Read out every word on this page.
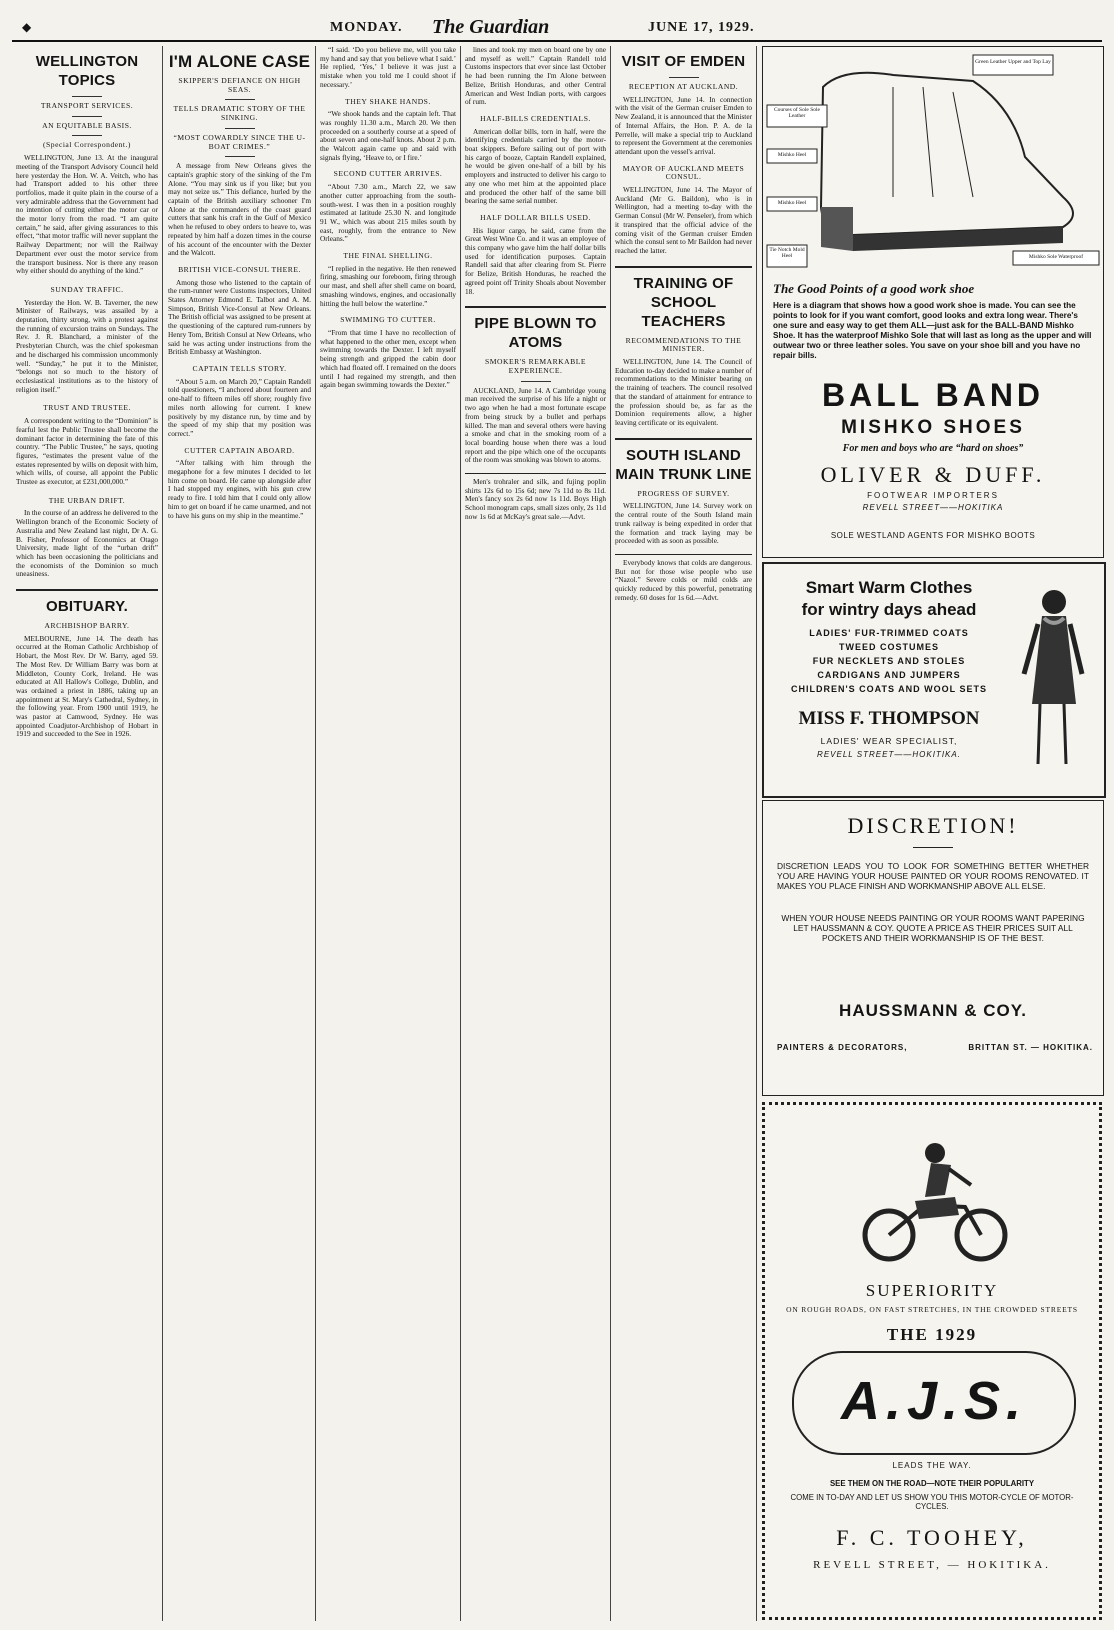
◆	MONDAY. The Guardian	JUNE 17, 1929.
WELLINGTON TOPICS
TRANSPORT SERVICES.
AN EQUITABLE BASIS.
(Special Correspondent.)

WELLINGTON, June 13. At the inaugural meeting of the Transport Advisory Council held here yesterday the Hon. W. A. Veitch, who has had Transport added to his other three portfolios, made it quite plain in the course of a very admirable address that the Government had no intention of cutting either the motor car or the motor lorry from the road. “I am quite certain,” he said, after giving assurances to this effect, “that motor traffic will never supplant the Railway Department; nor will the Railway Department ever oust the motor service from the transport business. Nor is there any reason why either should do anything of the kind.”

SUNDAY TRAFFIC.

Yesterday the Hon. W. B. Taverner, the new Minister of Railways, was assailed by a deputation, thirty strong, with a protest against the running of excursion trains on Sundays. The Rev. J. R. Blanchard, a minister of the Presbyterian Church, was the chief spokesman and he discharged his commission uncommonly well. “Sunday,” he put it to the Minister, “belongs not so much to the history of ecclesiastical institutions as to the history of religion itself.”

TRUST AND TRUSTEE.

A correspondent writing to the “Dominion” is fearful lest the Public Trustee shall become the dominant factor in determining the fate of this country. “The Public Trustee,” he says, quoting figures, “estimates the present value of the estates represented by wills on deposit with him, which wills, of course, all appoint the Public Trustee as executor, at £231,000,000.”

THE URBAN DRIFT.

In the course of an address he delivered to the Wellington branch of the Economic Society of Australia and New Zealand last night, Dr A. G. B. Fisher, Professor of Economics at Otago University, made light of the “urban drift” which has been occasioning the politicians and the economists of the Dominion so much uneasiness.

OBITUARY.
ARCHBISHOP BARRY.

MELBOURNE, June 14. The death has occurred at the Roman Catholic Archbishop of Hobart, the Most Rev. Dr W. Barry, aged 59. The Most Rev. Dr William Barry was born at Middleton, County Cork, Ireland. He was educated at All Hallow's College, Dublin, and was ordained a priest in 1886, taking up an appointment at St. Mary's Cathedral, Sydney, in the following year. From 1900 until 1919, he was pastor at Camwood, Sydney. He was appointed Coadjutor-Archbishop of Hobart in 1919 and succeeded to the See in 1926.

I'M ALONE CASE
SKIPPER'S DEFIANCE ON HIGH SEAS.
TELLS DRAMATIC STORY OF THE SINKING.
“MOST COWARDLY SINCE THE U-BOAT CRIMES.”

A message from New Orleans gives the captain's graphic story of the sinking of the I'm Alone. “You may sink us if you like; but you may not seize us.” This defiance, hurled by the captain of the British auxiliary schooner I'm Alone at the commanders of the coast guard cutters that sank his craft in the Gulf of Mexico when he refused to obey orders to heave to, was repeated by him half a dozen times in the course of his account of the encounter with the Dexter and the Walcott.

BRITISH VICE-CONSUL THERE.

Among those who listened to the captain of the rum-runner were Customs inspectors, United States Attorney Edmond E. Talbot and A. M. Simpson, British Vice-Consul at New Orleans. The British official was assigned to be present at the questioning of the captured rum-runners by Henry Tom, British Consul at New Orleans, who said he was acting under instructions from the British Embassy at Washington.

CAPTAIN TELLS STORY.

“About 5 a.m. on March 20,” Captain Randell told questioners, “I anchored about fourteen and one-half to fifteen miles off shore; roughly five miles north allowing for current. I knew positively by my distance run, by time and by the speed of my ship that my position was correct.”

CUTTER CAPTAIN ABOARD.

“After talking with him through the megaphone for a few minutes I decided to let him come on board. He came up alongside after I had stopped my engines, with his gun crew ready to fire. I told him that I could only allow him to get on board if he came unarmed, and not to have his guns on my ship in the meantime.”

“I said. ‘Do you believe me, will you take my hand and say that you believe what I said.’ He replied, ‘Yes,’ I believe it was just a mistake when you told me I could shoot if necessary.’

THEY SHAKE HANDS.

“We shook hands and the captain left. That was roughly 11.30 a.m., March 20. We then proceeded on a southerly course at a speed of about seven and one-half knots. About 2 p.m. the Walcott again came up and said with signals flying, ‘Heave to, or I fire.’

SECOND CUTTER ARRIVES.

“About 7.30 a.m., March 22, we saw another cutter approaching from the south-south-west. I was then in a position roughly estimated at latitude 25.30 N. and longitude 91 W., which was about 215 miles south by east, roughly, from the entrance to New Orleans.”

THE FINAL SHELLING.

“I replied in the negative. He then renewed firing, smashing our foreboom, firing through our mast, and shell after shell came on board, smashing windows, engines, and occasionally hitting the hull below the waterline.”

SWIMMING TO CUTTER.

“From that time I have no recollection of what happened to the other men, except when swimming towards the Dexter. I left myself being strength and gripped the cabin door which had floated off. I remained on the doors until I had regained my strength, and then again began swimming towards the Dexter.”

lines and took my men on board one by one and myself as well.” Captain Randell told Customs inspectors that ever since last October he had been running the I'm Alone between Belize, British Honduras, and other Central American and West Indian ports, with cargoes of rum.

HALF-BILLS CREDENTIALS.

American dollar bills, torn in half, were the identifying credentials carried by the motor-boat skippers. Before sailing out of port with his cargo of booze, Captain Randell explained, he would be given one-half of a bill by his employers and instructed to deliver his cargo to any one who met him at the appointed place and produced the other half of the same bill bearing the same serial number.

HALF DOLLAR BILLS USED.

His liquor cargo, he said, came from the Great West Wine Co. and it was an employee of this company who gave him the half dollar bills used for identification purposes. Captain Randell said that after clearing from St. Pierre for Belize, British Honduras, he reached the agreed point off Trinity Shoals about November 18.

PIPE BLOWN TO ATOMS
SMOKER'S REMARKABLE EXPERIENCE.

AUCKLAND, June 14. A Cambridge young man received the surprise of his life a night or two ago when he had a most fortunate escape from being struck by a bullet and perhaps killed. The man and several others were having a smoke and chat in the smoking room of a local boarding house when there was a loud report and the pipe which one of the occupants of the room was smoking was blown to atoms.

Men's trohraler and silk, and fujing poplin shirts 12s 6d to 15s 6d; new 7s 11d to 8s 11d. Men's fancy sox 2s 6d now 1s 11d. Boys High School monogram caps, small sizes only, 2s 11d now 1s 6d at McKay's great sale.—Advt.

VISIT OF EMDEN
RECEPTION AT AUCKLAND.

WELLINGTON, June 14. In connection with the visit of the German cruiser Emden to New Zealand, it is announced that the Minister of Internal Affairs, the Hon. P. A. de la Perrelle, will make a special trip to Auckland to represent the Government at the ceremonies attendant upon the vessel's arrival.

MAYOR OF AUCKLAND MEETS CONSUL.

WELLINGTON, June 14. The Mayor of Auckland (Mr G. Baildon), who is in Wellington, had a meeting to-day with the German Consul (Mr W. Penseler), from which it transpired that the official advice of the coming visit of the German cruiser Emden which the consul sent to Mr Baildon had never reached the latter.

TRAINING OF SCHOOL TEACHERS
RECOMMENDATIONS TO THE MINISTER.

WELLINGTON, June 14. The Council of Education to-day decided to make a number of recommendations to the Minister bearing on the training of teachers. The council resolved that the standard of attainment for entrance to the profession should be, as far as the Dominion requirements allow, a higher leaving certificate or its equivalent.

SOUTH ISLAND MAIN TRUNK LINE
PROGRESS OF SURVEY.

WELLINGTON, June 14. Survey work on the central route of the South Island main trunk railway is being expedited in order that the formation and track laying may be proceeded with as soon as possible.

Everybody knows that colds are dangerous. But not for those wise people who use “Nazol.” Severe colds or mild colds are quickly reduced by this powerful, penetrating remedy. 60 doses for 1s 6d.—Advt.

Green Leather Upper and Top Lay
Courses of Sole Sole Leather
Mishko Heel
Mishko Heel
Mishko Sole Waterproof
Tie Notch Mold Heel
The Good Points of a good work shoe
Here is a diagram that shows how a good work shoe is made. You can see the points to look for if you want comfort, good looks and extra long wear. There's one sure and easy way to get them ALL—just ask for the BALL-BAND Mishko Shoe. It has the waterproof Mishko Sole that will last as long as the upper and will outwear two or three leather soles. You save on your shoe bill and you have no repair bills.
BALL BAND
MISHKO SHOES
For men and boys who are “hard on shoes”
OLIVER & DUFF.
FOOTWEAR IMPORTERS
REVELL STREET——HOKITIKA
SOLE WESTLAND AGENTS FOR MISHKO BOOTS
Smart Warm Clothes
for wintry days ahead
LADIES' FUR-TRIMMED COATS
TWEED COSTUMES
FUR NECKLETS AND STOLES
CARDIGANS AND JUMPERS
CHILDREN'S COATS AND WOOL SETS
MISS F. THOMPSON
LADIES' WEAR SPECIALIST,
REVELL STREET——HOKITIKA.
DISCRETION!
DISCRETION LEADS YOU TO LOOK FOR SOMETHING BETTER WHETHER YOU ARE HAVING YOUR HOUSE PAINTED OR YOUR ROOMS RENOVATED. IT MAKES YOU PLACE FINISH AND WORKMANSHIP ABOVE ALL ELSE.
WHEN YOUR HOUSE NEEDS PAINTING OR YOUR ROOMS WANT PAPERING LET HAUSSMANN & COY. QUOTE A PRICE AS THEIR PRICES SUIT ALL POCKETS AND THEIR WORKMANSHIP IS OF THE BEST.
HAUSSMANN & COY.
PAINTERS & DECORATORS,	BRITTAN ST. — HOKITIKA.
SUPERIORITY
ON ROUGH ROADS, ON FAST STRETCHES, IN THE CROWDED STREETS
THE 1929
A.J.S.
LEADS THE WAY.
SEE THEM ON THE ROAD—NOTE THEIR POPULARITY
COME IN TO-DAY AND LET US SHOW YOU THIS MOTOR-CYCLE OF MOTOR-CYCLES.
F. C. TOOHEY,
REVELL STREET, — HOKITIKA.
